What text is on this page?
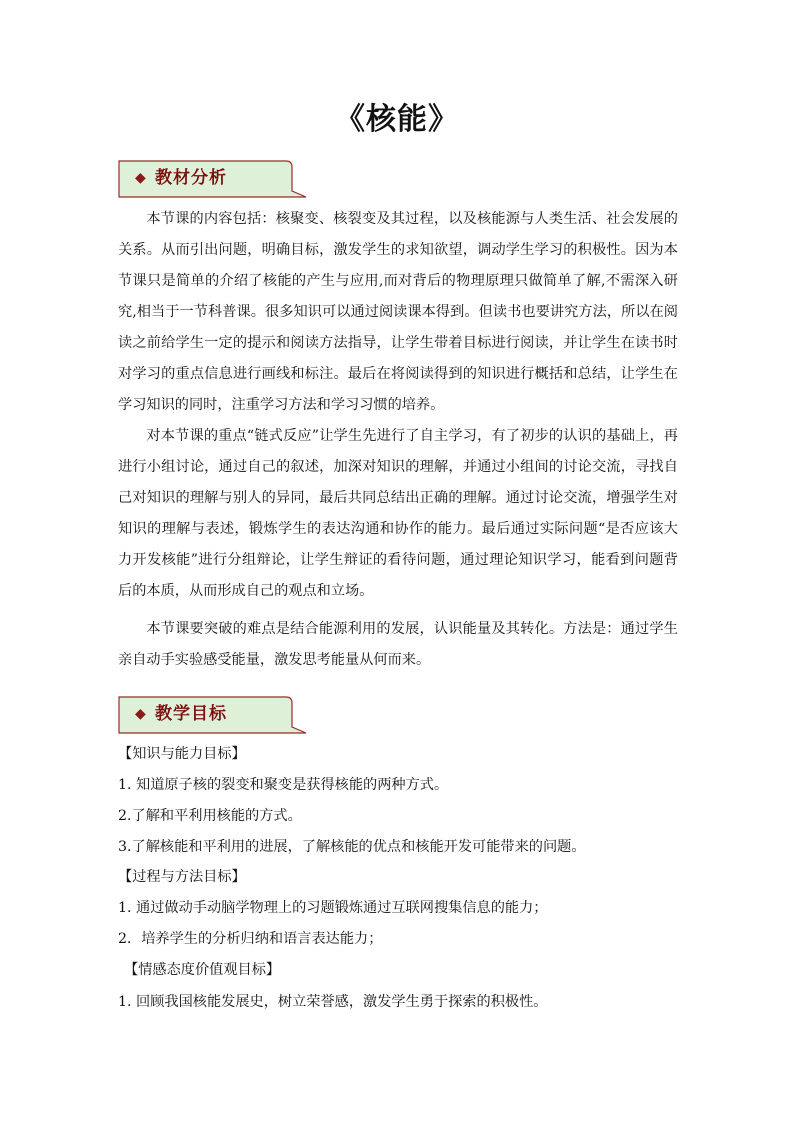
《核能》
◆ 教材分析

本节课的内容包括：核聚变、核裂变及其过程，以及核能源与人类生活、社会发展的关系。从而引出问题，明确目标，激发学生的求知欲望，调动学生学习的积极性。因为本节课只是简单的介绍了核能的产生与应用,而对背后的物理原理只做简单了解,不需深入研究,相当于一节科普课。很多知识可以通过阅读课本得到。但读书也要讲究方法，所以在阅读之前给学生一定的提示和阅读方法指导，让学生带着目标进行阅读，并让学生在读书时对学习的重点信息进行画线和标注。最后在将阅读得到的知识进行概括和总结，让学生在学习知识的同时，注重学习方法和学习习惯的培养。

对本节课的重点“链式反应”让学生先进行了自主学习，有了初步的认识的基础上，再进行小组讨论，通过自己的叙述，加深对知识的理解，并通过小组间的讨论交流，寻找自己对知识的理解与别人的异同，最后共同总结出正确的理解。通过讨论交流，增强学生对知识的理解与表述，锻炼学生的表达沟通和协作的能力。最后通过实际问题“是否应该大力开发核能”进行分组辩论，让学生辩证的看待问题，通过理论知识学习，能看到问题背后的本质，从而形成自己的观点和立场。

本节课要突破的难点是结合能源利用的发展，认识能量及其转化。方法是：通过学生亲自动手实验感受能量，激发思考能量从何而来。

◆ 教学目标
【知识与能力目标】
1. 知道原子核的裂变和聚变是获得核能的两种方式。
2.了解和平利用核能的方式。
3.了解核能和平利用的进展，了解核能的优点和核能开发可能带来的问题。
【过程与方法目标】
1. 通过做动手动脑学物理上的习题锻炼通过互联网搜集信息的能力；
2．培养学生的分析归纳和语言表达能力；
【情感态度价值观目标】
1. 回顾我国核能发展史，树立荣誉感，激发学生勇于探索的积极性。
